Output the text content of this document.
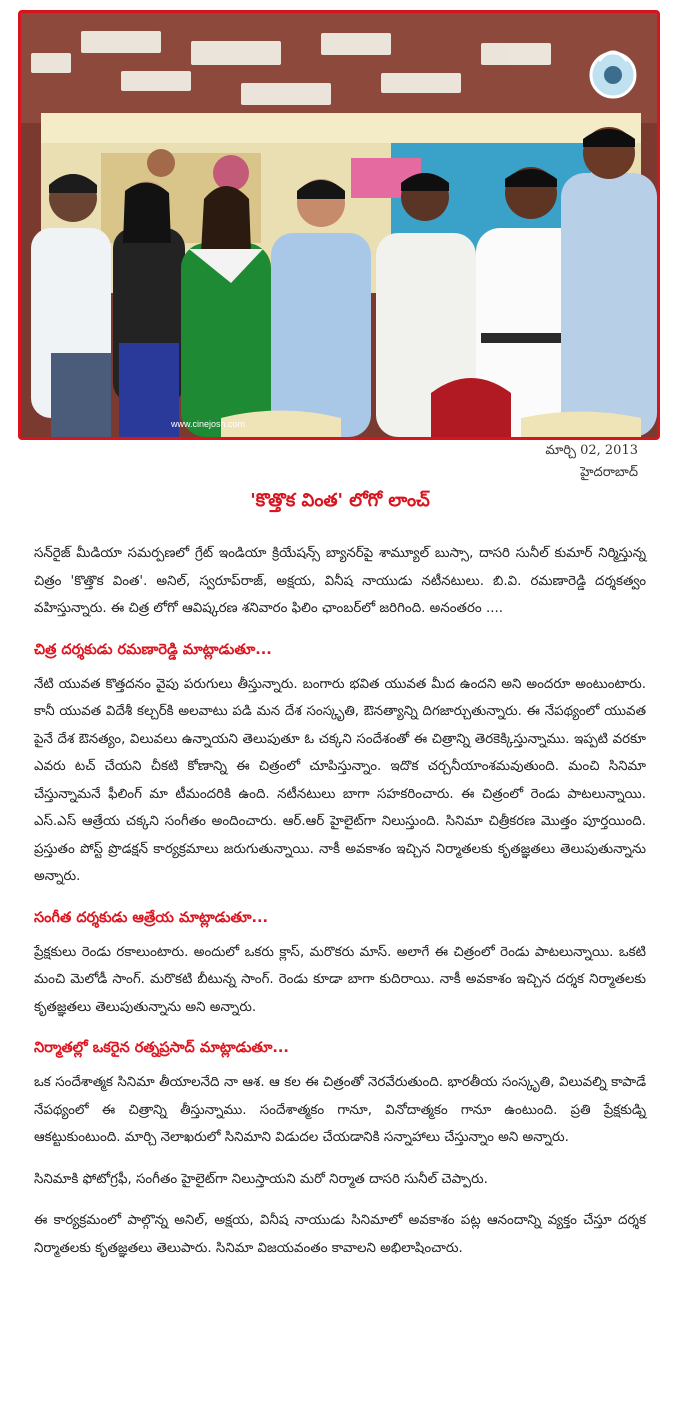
www.cinejosh.com
మార్చి 02, 2013
హైదరాబాద్
'కొత్తొక వింత' లోగో లాంచ్

సన్‌రైజ్ మీడియా సమర్పణలో గ్రేట్ ఇండియా క్రియేషన్స్ బ్యానర్‌పై శామ్యూల్ బుస్సా, దాసరి సునీల్ కుమార్ నిర్మిస్తున్న చిత్రం 'కొత్తొక వింత'. అనిల్, స్వరూప్‌రాజ్, అక్షయ, వినీష నాయుడు నటీనటులు. బి.వి. రమణారెడ్డి దర్శకత్వం వహిస్తున్నారు. ఈ చిత్ర లోగో ఆవిష్కరణ శనివారం ఫిలిం ఛాంబర్‌లో జరిగింది. అనంతరం ....

చిత్ర దర్శకుడు రమణారెడ్డి మాట్లాడుతూ...

నేటి యువత కొత్తదనం వైపు పరుగులు తీస్తున్నారు. బంగారు భవిత యువత మీద ఉందని అని అందరూ అంటుంటారు. కానీ యువత విదేశీ కల్చర్‌కి అలవాటు పడి మన దేశ సంస్కృతి, ఔనత్యాన్ని దిగజార్చుతున్నారు. ఈ నేపథ్యంలో యువత పైనే దేశ ఔనత్యం, విలువలు ఉన్నాయని తెలుపుతూ ఓ చక్కని సందేశంతో ఈ చిత్రాన్ని తెరకెక్కిస్తున్నాము. ఇప్పటి వరకూ ఎవరు టచ్ చేయని చీకటి కోణాన్ని ఈ చిత్రంలో చూపిస్తున్నాం. ఇదొక చర్చనీయాంశమవుతుంది. మంచి సినిమా చేస్తున్నామనే ఫీలింగ్ మా టీమందరికి ఉంది. నటీనటులు బాగా సహకరించారు. ఈ చిత్రంలో రెండు పాటలున్నాయి. ఎస్.ఎస్ ఆత్రేయ చక్కని సంగీతం అందించారు. ఆర్.ఆర్ హైలైట్‌గా నిలుస్తుంది. సినిమా చిత్రీకరణ మొత్తం పూర్తయింది. ప్రస్తుతం పోస్ట్ ప్రొడక్షన్ కార్యక్రమాలు జరుగుతున్నాయి. నాకీ అవకాశం ఇచ్చిన నిర్మాతలకు కృతజ్ఞతలు తెలుపుతున్నాను అన్నారు.

సంగీత దర్శకుడు ఆత్రేయ మాట్లాడుతూ...

ప్రేక్షకులు రెండు రకాలుంటారు. అందులో ఒకరు క్లాస్, మరొకరు మాస్. అలాగే ఈ చిత్రంలో రెండు పాటలున్నాయి. ఒకటి మంచి మెలోడీ సాంగ్. మరొకటి బీటున్న సాంగ్. రెండు కూడా బాగా కుదిరాయి. నాకీ అవకాశం ఇచ్చిన దర్శక నిర్మాతలకు కృతజ్ఞతలు తెలుపుతున్నాను అని అన్నారు.

నిర్మాతల్లో ఒకరైన రత్నప్రసాద్ మాట్లాడుతూ...

ఒక సందేశాత్మక సినిమా తీయాలనేది నా ఆశ. ఆ కల ఈ చిత్రంతో నెరవేరుతుంది. భారతీయ సంస్కృతి, విలువల్ని కాపాడే నేపథ్యంలో ఈ చిత్రాన్ని తీస్తున్నాము. సందేశాత్మకం గానూ, వినోదాత్మకం గానూ ఉంటుంది. ప్రతి ప్రేక్షకుడ్ని ఆకట్టుకుంటుంది. మార్చి నెలాఖరులో సినిమాని విడుదల చేయడానికి సన్నాహాలు చేస్తున్నాం అని అన్నారు.

సినిమాకి ఫోటోగ్రఫీ, సంగీతం హైలైట్‌గా నిలుస్తాయని మరో నిర్మాత దాసరి సునీల్ చెప్పారు.

ఈ కార్యక్రమంలో పాల్గొన్న అనిల్, అక్షయ, వినీష నాయుడు సినిమాలో అవకాశం పట్ల ఆనందాన్ని వ్యక్తం చేస్తూ దర్శక నిర్మాతలకు కృతజ్ఞతలు తెలుపారు. సినిమా విజయవంతం కావాలని అభిలాషించారు.
